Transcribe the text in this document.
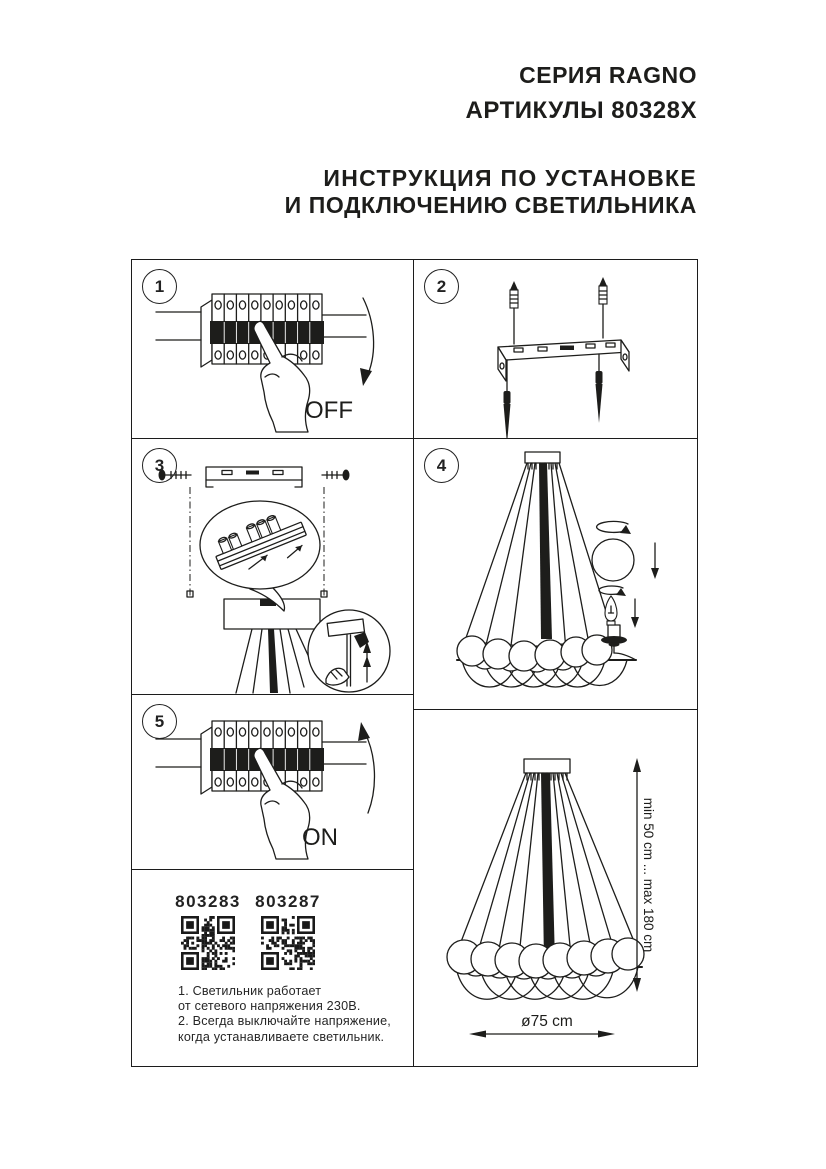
СЕРИЯ RAGNO
АРТИКУЛЫ 80328X
ИНСТРУКЦИЯ ПО УСТАНОВКЕ
И ПОДКЛЮЧЕНИЮ СВЕТИЛЬНИКА
OFF
1	2
3	4
ON
5
803283 803287
1. Светильник работает
от сетевого напряжения 230В.
2. Всегда выключайте напряжение,
когда устанавливаете светильник.
min 50 cm ... max 180 cm
ø75 cm
